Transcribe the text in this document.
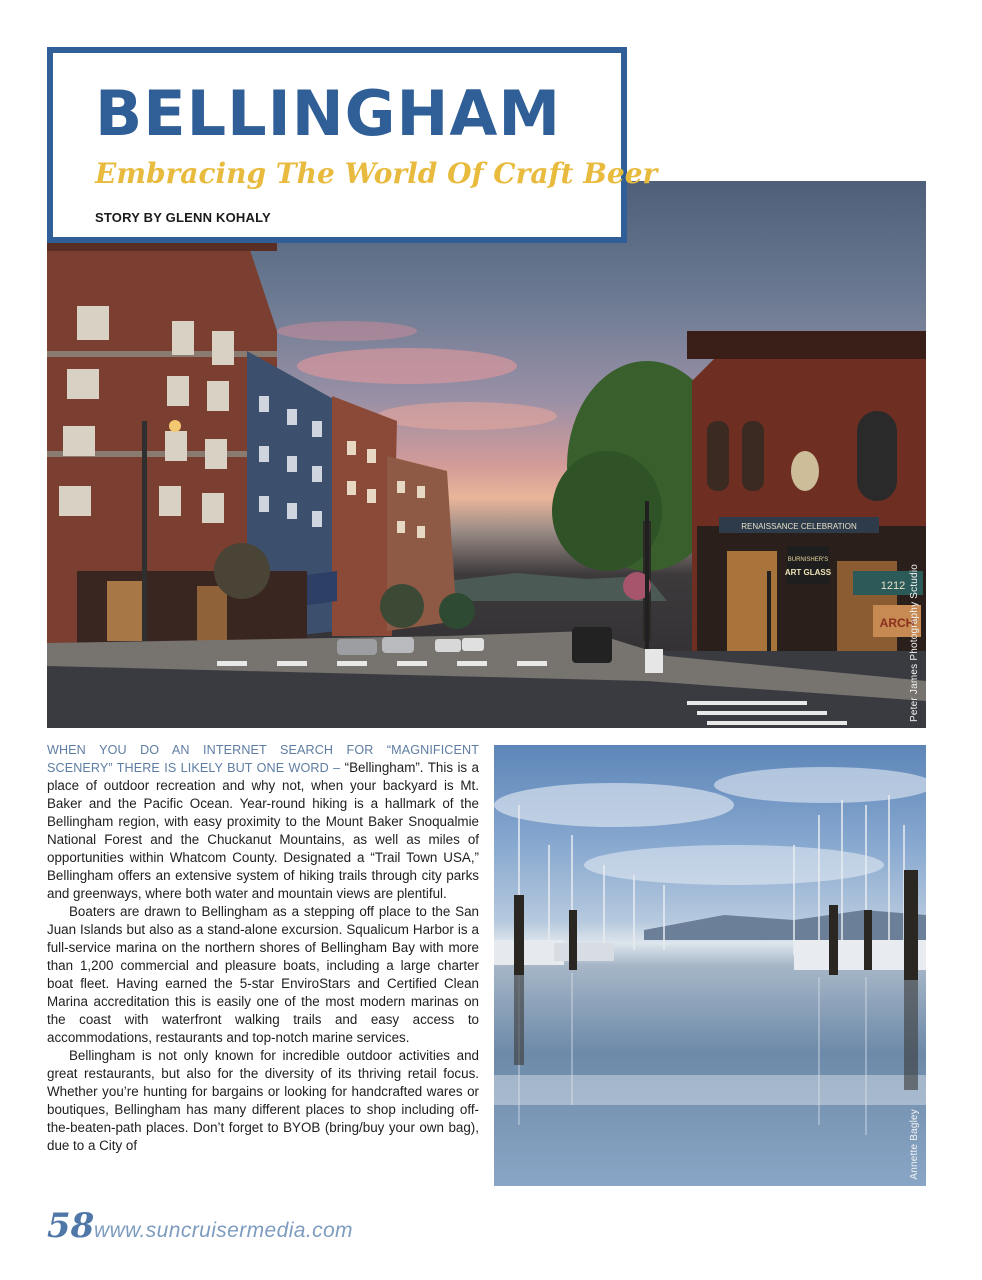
RENAISSANCE CELEBRATION
BURNISHER'S
ART GLASS
1212
ARCH
Peter James Photography Sctudio
BELLINGHAM
Embracing The World Of Craft Beer
STORY BY GLENN KOHALY

WHEN YOU DO AN INTERNET SEARCH FOR “MAGNIFICENT SCENERY” THERE IS LIKELY BUT ONE WORD – “Bellingham”. This is a place of outdoor recreation and why not, when your backyard is Mt. Baker and the Pacific Ocean. Year-round hiking is a hallmark of the Bellingham region, with easy proximity to the Mount Baker Snoqualmie National Forest and the Chuckanut Mountains, as well as miles of opportunities within Whatcom County. Designated a “Trail Town USA,” Bellingham offers an extensive system of hiking trails through city parks and greenways, where both water and mountain views are plentiful.

Boaters are drawn to Bellingham as a stepping off place to the San Juan Islands but also as a stand-alone excursion. Squalicum Harbor is a full-service marina on the northern shores of Bellingham Bay with more than 1,200 commercial and pleasure boats, including a large charter boat fleet. Having earned the 5-star EnviroStars and Certified Clean Marina accreditation this is easily one of the most modern marinas on the coast with waterfront walking trails and easy access to accommodations, restaurants and top-notch marine services.

Bellingham is not only known for incredible outdoor activities and great restaurants, but also for the diversity of its thriving retail focus. Whether you’re hunting for bargains or looking for handcrafted wares or boutiques, Bellingham has many different places to shop including off-the-beaten-path places. Don’t forget to BYOB (bring/buy your own bag), due to a City of	Annette Bagley
58 www.suncruisermedia.com
